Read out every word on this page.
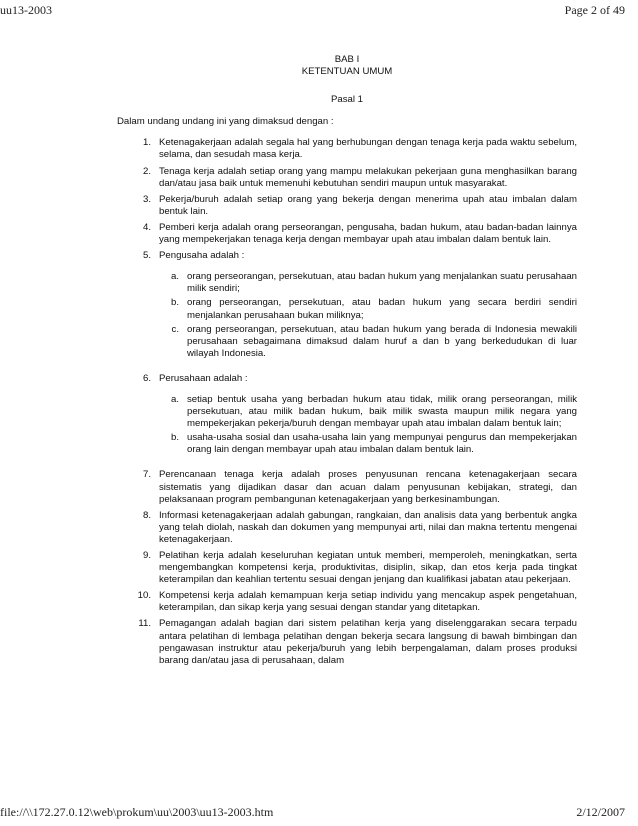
uu13-2003	Page 2 of 49
BAB I
KETENTUAN UMUM
Pasal 1
Dalam undang undang ini yang dimaksud dengan :
1. Ketenagakerjaan adalah segala hal yang berhubungan dengan tenaga kerja pada waktu sebelum, selama, dan sesudah masa kerja.
2. Tenaga kerja adalah setiap orang yang mampu melakukan pekerjaan guna menghasilkan barang dan/atau jasa baik untuk memenuhi kebutuhan sendiri maupun untuk masyarakat.
3. Pekerja/buruh adalah setiap orang yang bekerja dengan menerima upah atau imbalan dalam bentuk lain.
4. Pemberi kerja adalah orang perseorangan, pengusaha, badan hukum, atau badan-badan lainnya yang mempekerjakan tenaga kerja dengan membayar upah atau imbalan dalam bentuk lain.
5. Pengusaha adalah :
a. orang perseorangan, persekutuan, atau badan hukum yang menjalankan suatu perusahaan milik sendiri;
b. orang perseorangan, persekutuan, atau badan hukum yang secara berdiri sendiri menjalankan perusahaan bukan miliknya;
c. orang perseorangan, persekutuan, atau badan hukum yang berada di Indonesia mewakili perusahaan sebagaimana dimaksud dalam huruf a dan b yang berkedudukan di luar wilayah Indonesia.
6. Perusahaan adalah :
a. setiap bentuk usaha yang berbadan hukum atau tidak, milik orang perseorangan, milik persekutuan, atau milik badan hukum, baik milik swasta maupun milik negara yang mempekerjakan pekerja/buruh dengan membayar upah atau imbalan dalam bentuk lain;
b. usaha-usaha sosial dan usaha-usaha lain yang mempunyai pengurus dan mempekerjakan orang lain dengan membayar upah atau imbalan dalam bentuk lain.
7. Perencanaan tenaga kerja adalah proses penyusunan rencana ketenagakerjaan secara sistematis yang dijadikan dasar dan acuan dalam penyusunan kebijakan, strategi, dan pelaksanaan program pembangunan ketenagakerjaan yang berkesinambungan.
8. Informasi ketenagakerjaan adalah gabungan, rangkaian, dan analisis data yang berbentuk angka yang telah diolah, naskah dan dokumen yang mempunyai arti, nilai dan makna tertentu mengenai ketenagakerjaan.
9. Pelatihan kerja adalah keseluruhan kegiatan untuk memberi, memperoleh, meningkatkan, serta mengembangkan kompetensi kerja, produktivitas, disiplin, sikap, dan etos kerja pada tingkat keterampilan dan keahlian tertentu sesuai dengan jenjang dan kualifikasi jabatan atau pekerjaan.
10. Kompetensi kerja adalah kemampuan kerja setiap individu yang mencakup aspek pengetahuan, keterampilan, dan sikap kerja yang sesuai dengan standar yang ditetapkan.
11. Pemagangan adalah bagian dari sistem pelatihan kerja yang diselenggarakan secara terpadu antara pelatihan di lembaga pelatihan dengan bekerja secara langsung di bawah bimbingan dan pengawasan instruktur atau pekerja/buruh yang lebih berpengalaman, dalam proses produksi barang dan/atau jasa di perusahaan, dalam
file://\\172.27.0.12\web\prokum\uu\2003\uu13-2003.htm	2/12/2007
